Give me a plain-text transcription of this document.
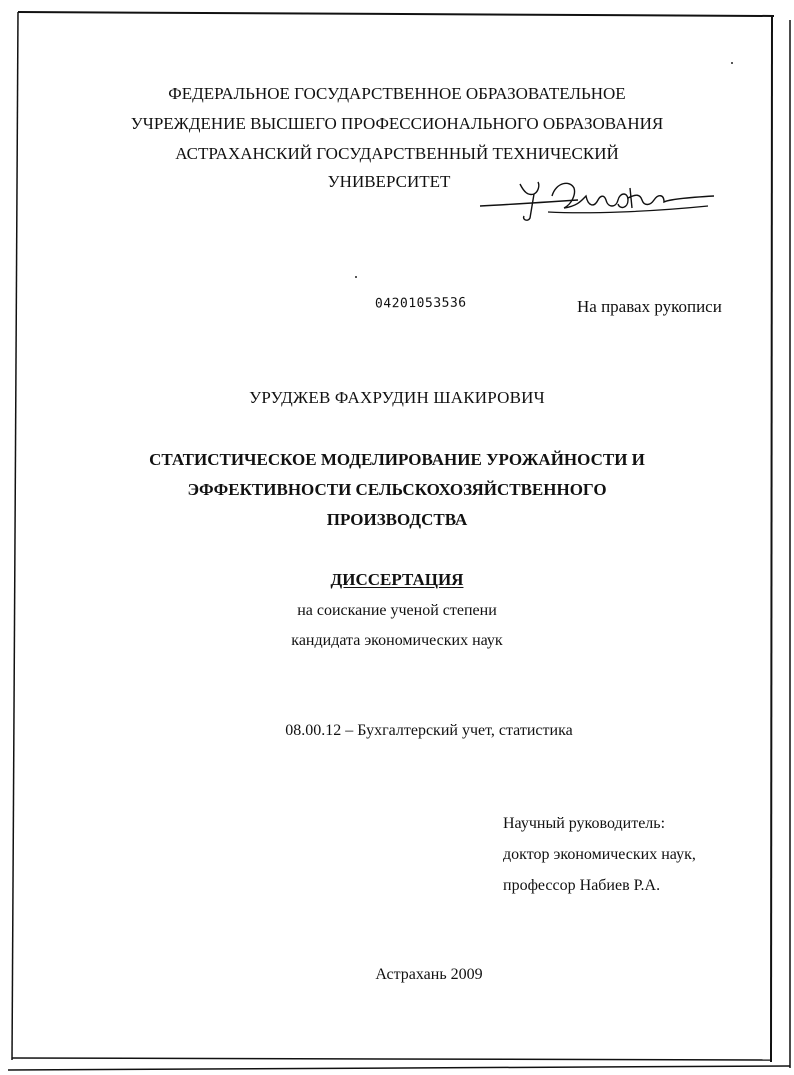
ФЕДЕРАЛЬНОЕ ГОСУДАРСТВЕННОЕ ОБРАЗОВАТЕЛЬНОЕ
УЧРЕЖДЕНИЕ ВЫСШЕГО ПРОФЕССИОНАЛЬНОГО ОБРАЗОВАНИЯ
АСТРАХАНСКИЙ ГОСУДАРСТВЕННЫЙ ТЕХНИЧЕСКИЙ
УНИВЕРСИТЕТ
04201053536	На правах рукописи
УРУДЖЕВ ФАХРУДИН ШАКИРОВИЧ
СТАТИСТИЧЕСКОЕ МОДЕЛИРОВАНИЕ УРОЖАЙНОСТИ И
ЭФФЕКТИВНОСТИ СЕЛЬСКОХОЗЯЙСТВЕННОГО
ПРОИЗВОДСТВА
ДИССЕРТАЦИЯ
на соискание ученой степени
кандидата экономических наук
08.00.12 – Бухгалтерский учет, статистика
Научный руководитель:
доктор экономических наук,
профессор Набиев Р.А.
Астрахань 2009
